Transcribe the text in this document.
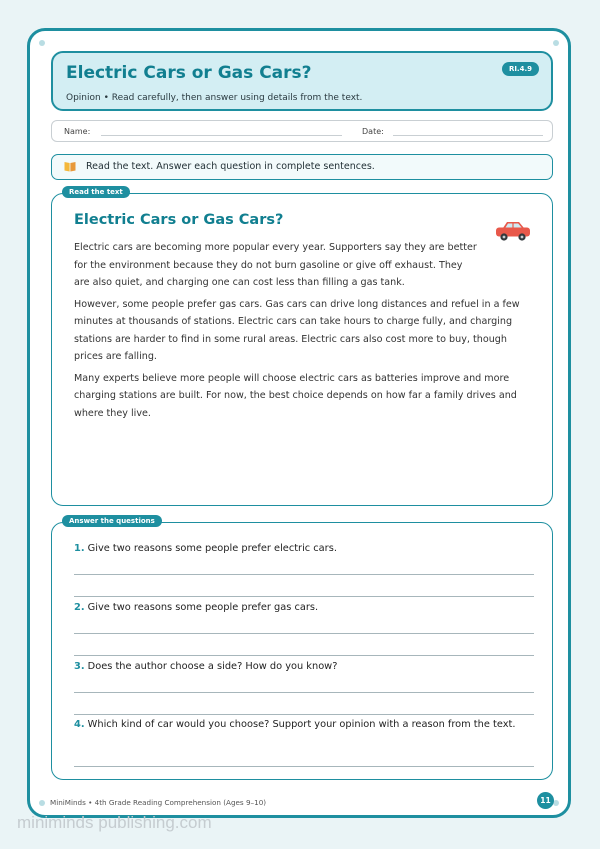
Electric Cars or Gas Cars?
Opinion • Read carefully, then answer using details from the text.
RI.4.9
Name:	Date:
Read the text. Answer each question in complete sentences.
Read the text
Electric Cars or Gas Cars?

Electric cars are becoming more popular every year. Supporters say they are better for the environment because they do not burn gasoline or give off exhaust. They are also quiet, and charging one can cost less than filling a gas tank.

However, some people prefer gas cars. Gas cars can drive long distances and refuel in a few minutes at thousands of stations. Electric cars can take hours to charge fully, and charging stations are harder to find in some rural areas. Electric cars also cost more to buy, though prices are falling.

Many experts believe more people will choose electric cars as batteries improve and more charging stations are built. For now, the best choice depends on how far a family drives and where they live.

Answer the questions
1. Give two reasons some people prefer electric cars.
2. Give two reasons some people prefer gas cars.
3. Does the author choose a side? How do you know?
4. Which kind of car would you choose? Support your opinion with a reason from the text.
MiniMinds • 4th Grade Reading Comprehension (Ages 9–10)	11
miniminds publishing.com
